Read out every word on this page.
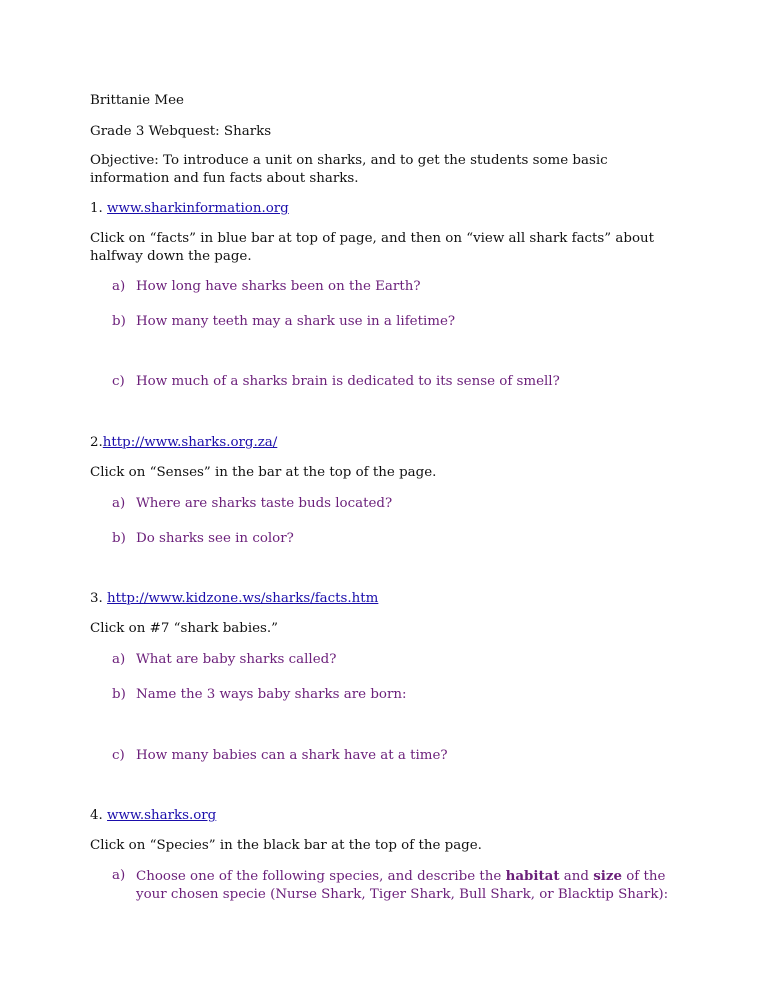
Brittanie Mee
Grade 3 Webquest: Sharks
Objective: To introduce a unit on sharks, and to get the students some basic information and fun facts about sharks.
1. www.sharkinformation.org
Click on “facts” in blue bar at top of page, and then on “view all shark facts” about halfway down the page.
a) How long have sharks been on the Earth?
b) How many teeth may a shark use in a lifetime?
c) How much of a sharks brain is dedicated to its sense of smell?
2.http://www.sharks.org.za/
Click on “Senses” in the bar at the top of the page.
a) Where are sharks taste buds located?
b) Do sharks see in color?
3. http://www.kidzone.ws/sharks/facts.htm
Click on #7 “shark babies.”
a) What are baby sharks called?
b) Name the 3 ways baby sharks are born:
c) How many babies can a shark have at a time?
4. www.sharks.org
Click on “Species” in the black bar at the top of the page.
a) Choose one of the following species, and describe the habitat and size of the your chosen specie (Nurse Shark, Tiger Shark, Bull Shark, or Blacktip Shark):
